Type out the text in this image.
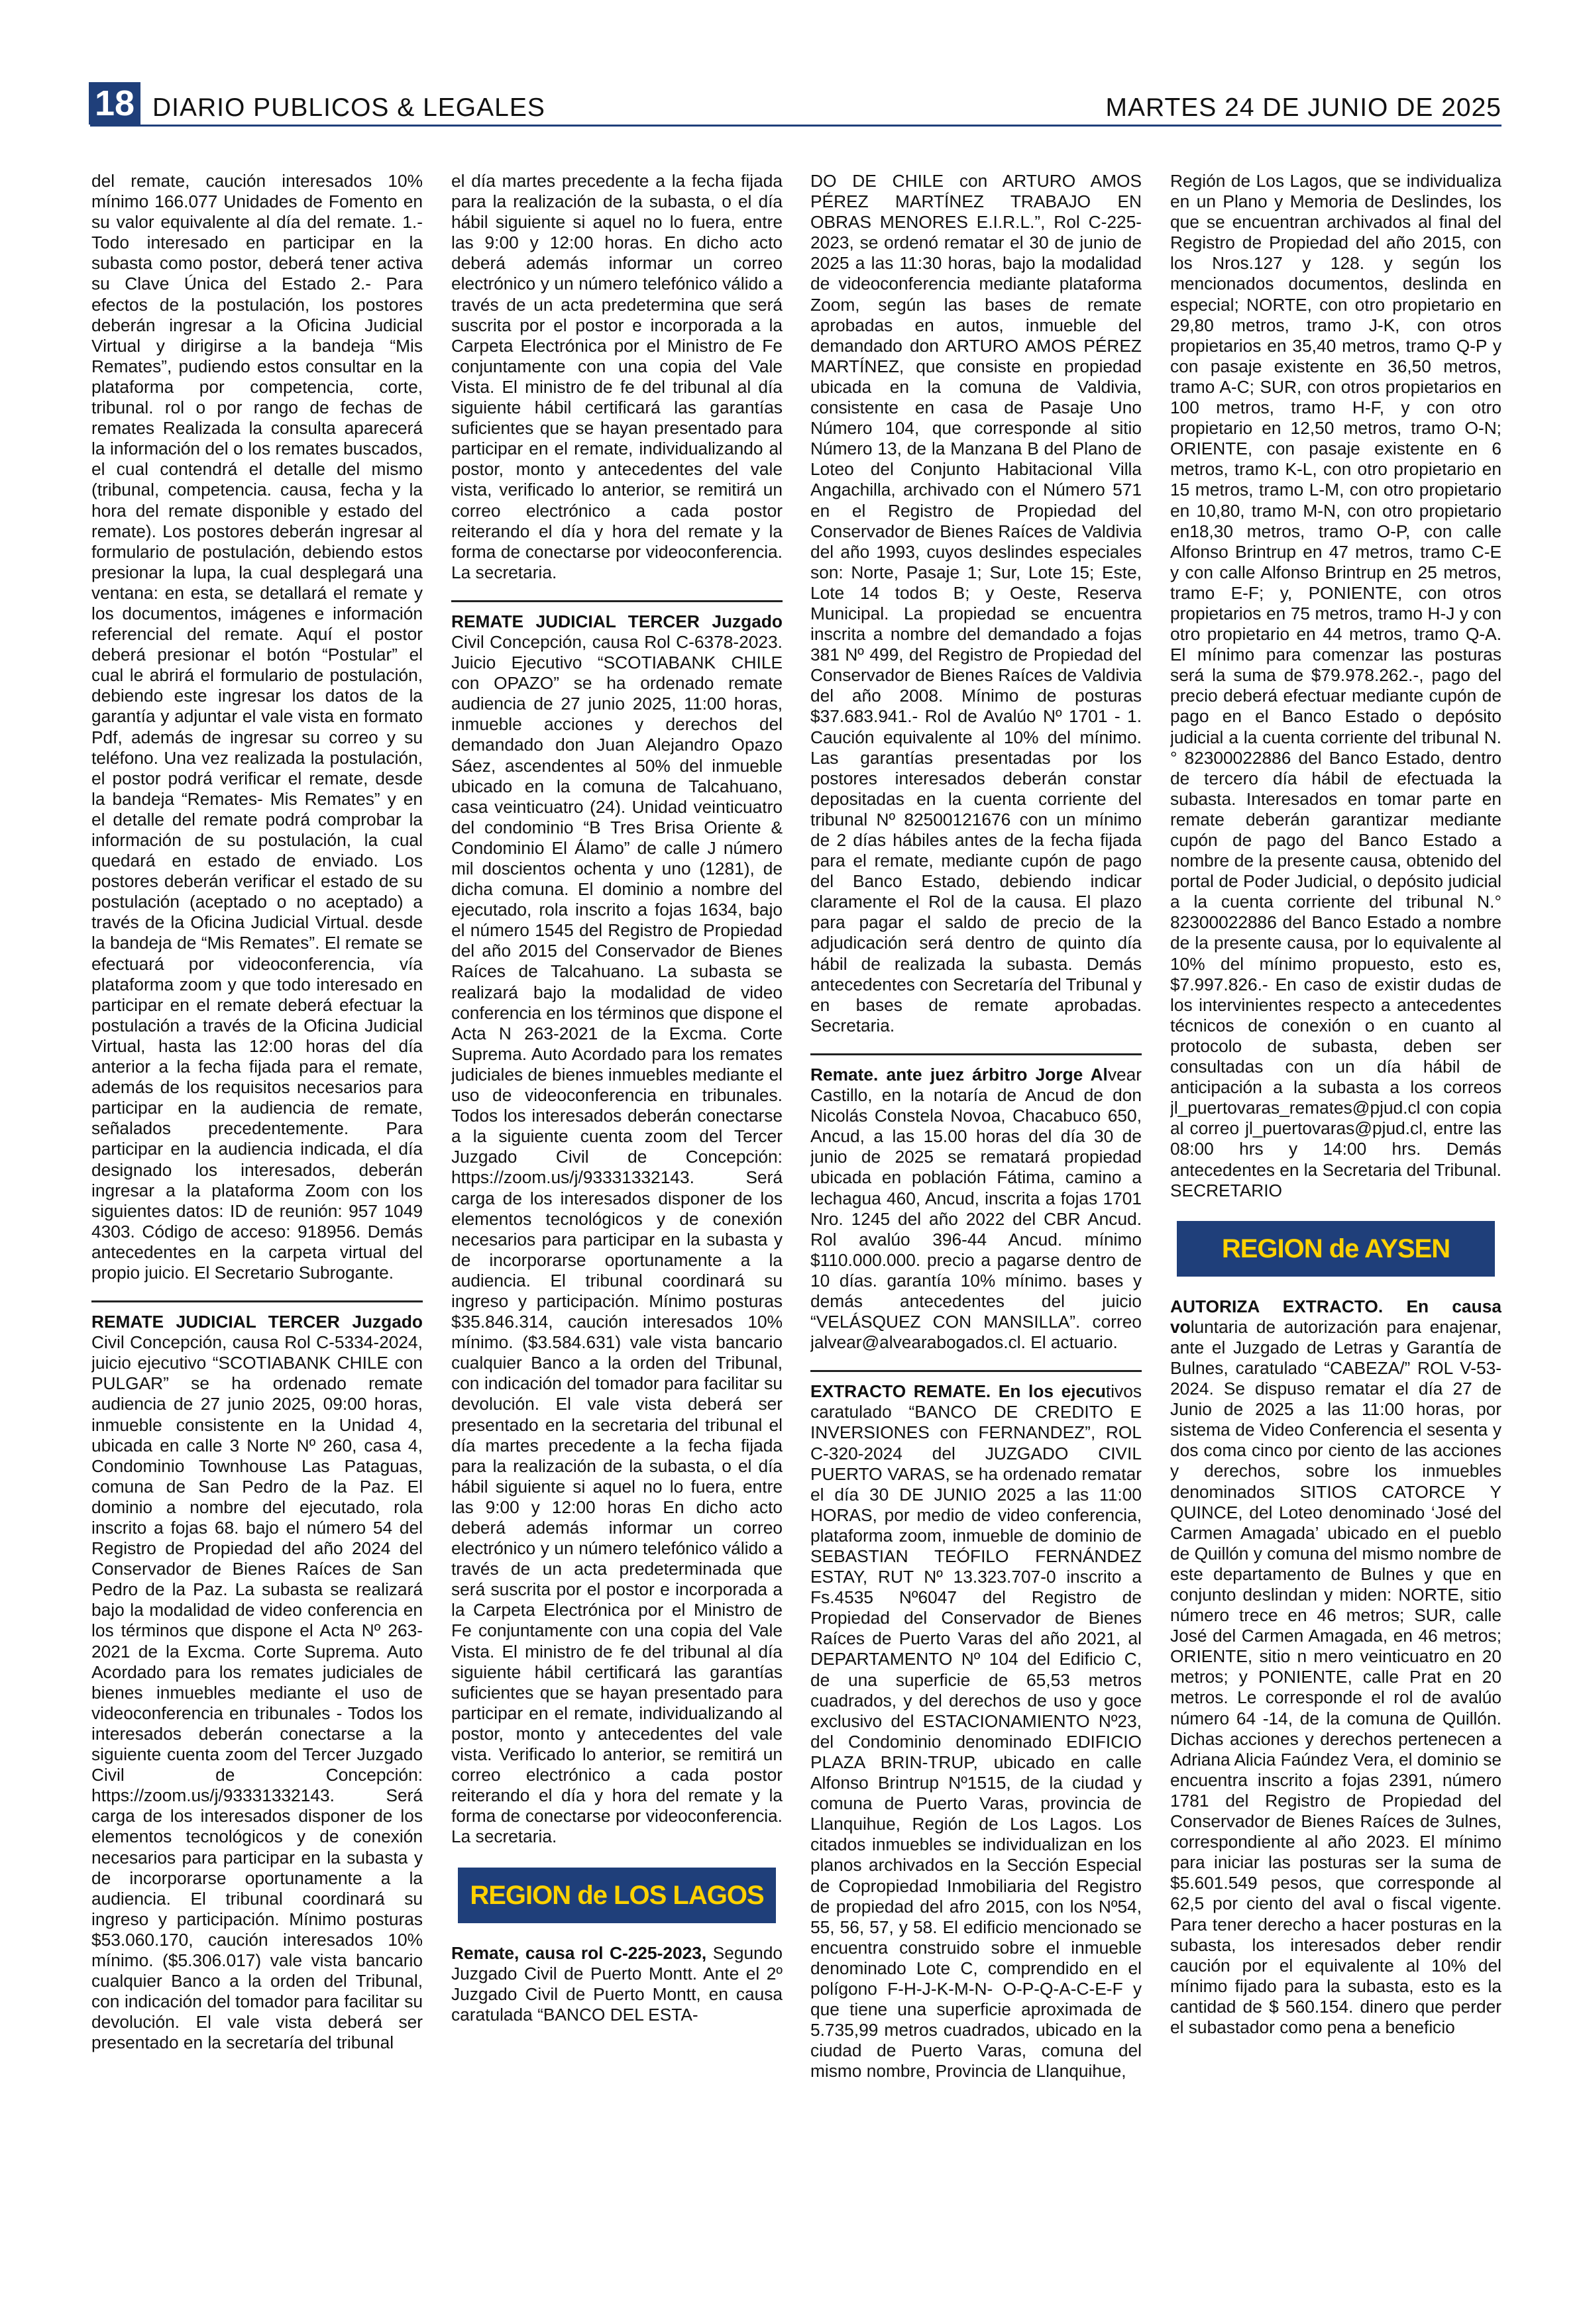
18 DIARIO PUBLICOS & LEGALES	MARTES 24 DE JUNIO DE 2025

del remate, caución interesados 10% mínimo 166.077 Unidades de Fomento en su valor equivalente al día del remate. 1.-Todo interesado en participar en la subasta como postor, deberá tener activa su Clave Única del Estado 2.- Para efectos de la postulación, los postores deberán ingresar a la Oficina Judicial Virtual y dirigirse a la bandeja “Mis Remates”, pudiendo estos consultar en la plataforma por competencia, corte, tribunal. rol o por rango de fechas de remates Realizada la consulta aparecerá la información del o los remates buscados, el cual contendrá el detalle del mismo (tribunal, competencia. causa, fecha y la hora del remate disponible y estado del remate). Los postores deberán ingresar al formulario de postulación, debiendo estos presionar la lupa, la cual desplegará una ventana: en esta, se detallará el remate y los documentos, imágenes e información referencial del remate. Aquí el postor deberá presionar el botón “Postular” el cual le abrirá el formulario de postulación, debiendo este ingresar los datos de la garantía y adjuntar el vale vista en formato Pdf, además de ingresar su correo y su teléfono. Una vez realizada la postulación, el postor podrá verificar el remate, desde la bandeja “Remates- Mis Remates” y en el detalle del remate podrá comprobar la información de su postulación, la cual quedará en estado de enviado. Los postores deberán verificar el estado de su postulación (aceptado o no aceptado) a través de la Oficina Judicial Virtual. desde la bandeja de “Mis Remates”. El remate se efectuará por videoconferencia, vía plataforma zoom y que todo interesado en participar en el remate deberá efectuar la postulación a través de la Oficina Judicial Virtual, hasta las 12:00 horas del día anterior a la fecha fijada para el remate, además de los requisitos necesarios para participar en la audiencia de remate, señalados precedentemente. Para participar en la audiencia indicada, el día designado los interesados, deberán ingresar a la plataforma Zoom con los siguientes datos: ID de reunión: 957 1049 4303. Código de acceso: 918956. Demás antecedentes en la carpeta virtual del propio juicio. El Secretario Subrogante.

REMATE JUDICIAL TERCER Juzgado Civil Concepción, causa Rol C-5334-2024, juicio ejecutivo “SCOTIABANK CHILE con PULGAR” se ha ordenado remate audiencia de 27 junio 2025, 09:00 horas, inmueble consistente en la Unidad 4, ubicada en calle 3 Norte Nº 260, casa 4, Condominio Townhouse Las Pataguas, comuna de San Pedro de la Paz. El dominio a nombre del ejecutado, rola inscrito a fojas 68. bajo el número 54 del Registro de Propiedad del año 2024 del Conservador de Bienes Raíces de San Pedro de la Paz. La subasta se realizará bajo la modalidad de video conferencia en los términos que dispone el Acta Nº 263-2021 de la Excma. Corte Suprema. Auto Acordado para los remates judiciales de bienes inmuebles mediante el uso de videoconferencia en tribunales - Todos los interesados deberán conectarse a la siguiente cuenta zoom del Tercer Juzgado Civil de Concepción: https://zoom.us/j/93331332143. Será carga de los interesados disponer de los elementos tecnológicos y de conexión necesarios para participar en la subasta y de incorporarse oportunamente a la audiencia. El tribunal coordinará su ingreso y participación. Mínimo posturas $53.060.170, caución interesados 10% mínimo. ($5.306.017) vale vista bancario cualquier Banco a la orden del Tribunal, con indicación del tomador para facilitar su devolución. El vale vista deberá ser presentado en la secretaría del tribunal

el día martes precedente a la fecha fijada para la realización de la subasta, o el día hábil siguiente si aquel no lo fuera, entre las 9:00 y 12:00 horas. En dicho acto deberá además informar un correo electrónico y un número telefónico válido a través de un acta predetermina que será suscrita por el postor e incorporada a la Carpeta Electrónica por el Ministro de Fe conjuntamente con una copia del Vale Vista. El ministro de fe del tribunal al día siguiente hábil certificará las garantías suficientes que se hayan presentado para participar en el remate, individualizando al postor, monto y antecedentes del vale vista, verificado lo anterior, se remitirá un correo electrónico a cada postor reiterando el día y hora del remate y la forma de conectarse por videoconferencia. La secretaria.

REMATE JUDICIAL TERCER Juzgado Civil Concepción, causa Rol C-6378-2023. Juicio Ejecutivo “SCOTIABANK CHILE con OPAZO” se ha ordenado remate audiencia de 27 junio 2025, 11:00 horas, inmueble acciones y derechos del demandado don Juan Alejandro Opazo Sáez, ascendentes al 50% del inmueble ubicado en la comuna de Talcahuano, casa veinticuatro (24). Unidad veinticuatro del condominio “B Tres Brisa Oriente & Condominio El Álamo” de calle J número mil doscientos ochenta y uno (1281), de dicha comuna. El dominio a nombre del ejecutado, rola inscrito a fojas 1634, bajo el número 1545 del Registro de Propiedad del año 2015 del Conservador de Bienes Raíces de Talcahuano. La subasta se realizará bajo la modalidad de video conferencia en los términos que dispone el Acta N 263-2021 de la Excma. Corte Suprema. Auto Acordado para los remates judiciales de bienes inmuebles mediante el uso de videoconferencia en tribunales. Todos los interesados deberán conectarse a la siguiente cuenta zoom del Tercer Juzgado Civil de Concepción: https://zoom.us/j/93331332143. Será carga de los interesados disponer de los elementos tecnológicos y de conexión necesarios para participar en la subasta y de incorporarse oportunamente a la audiencia. El tribunal coordinará su ingreso y participación. Mínimo posturas $35.846.314, caución interesados 10% mínimo. ($3.584.631) vale vista bancario cualquier Banco a la orden del Tribunal, con indicación del tomador para facilitar su devolución. El vale vista deberá ser presentado en la secretaria del tribunal el día martes precedente a la fecha fijada para la realización de la subasta, o el día hábil siguiente si aquel no lo fuera, entre las 9:00 y 12:00 horas En dicho acto deberá además informar un correo electrónico y un número telefónico válido a través de un acta predeterminada que será suscrita por el postor e incorporada a la Carpeta Electrónica por el Ministro de Fe conjuntamente con una copia del Vale Vista. El ministro de fe del tribunal al día siguiente hábil certificará las garantías suficientes que se hayan presentado para participar en el remate, individualizando al postor, monto y antecedentes del vale vista. Verificado lo anterior, se remitirá un correo electrónico a cada postor reiterando el día y hora del remate y la forma de conectarse por videoconferencia. La secretaria.

REGION de LOS LAGOS

Remate, causa rol C-225-2023, Segundo Juzgado Civil de Puerto Montt. Ante el 2º Juzgado Civil de Puerto Montt, en causa caratulada “BANCO DEL ESTA-

DO DE CHILE con ARTURO AMOS PÉREZ MARTÍNEZ TRABAJO EN OBRAS MENORES E.I.R.L.”, Rol C-225-2023, se ordenó rematar el 30 de junio de 2025 a las 11:30 horas, bajo la modalidad de videoconferencia mediante plataforma Zoom, según las bases de remate aprobadas en autos, inmueble del demandado don ARTURO AMOS PÉREZ MARTÍNEZ, que consiste en propiedad ubicada en la comuna de Valdivia, consistente en casa de Pasaje Uno Número 104, que corresponde al sitio Número 13, de la Manzana B del Plano de Loteo del Conjunto Habitacional Villa Angachilla, archivado con el Número 571 en el Registro de Propiedad del Conservador de Bienes Raíces de Valdivia del año 1993, cuyos deslindes especiales son: Norte, Pasaje 1; Sur, Lote 15; Este, Lote 14 todos B; y Oeste, Reserva Municipal. La propiedad se encuentra inscrita a nombre del demandado a fojas 381 Nº 499, del Registro de Propiedad del Conservador de Bienes Raíces de Valdivia del año 2008. Mínimo de posturas $37.683.941.- Rol de Avalúo Nº 1701 - 1. Caución equivalente al 10% del mínimo. Las garantías presentadas por los postores interesados deberán constar depositadas en la cuenta corriente del tribunal Nº 82500121676 con un mínimo de 2 días hábiles antes de la fecha fijada para el remate, mediante cupón de pago del Banco Estado, debiendo indicar claramente el Rol de la causa. El plazo para pagar el saldo de precio de la adjudicación será dentro de quinto día hábil de realizada la subasta. Demás antecedentes con Secretaría del Tribunal y en bases de remate aprobadas. Secretaria.

Remate. ante juez árbitro Jorge Alvear Castillo, en la notaría de Ancud de don Nicolás Constela Novoa, Chacabuco 650, Ancud, a las 15.00 horas del día 30 de junio de 2025 se rematará propiedad ubicada en población Fátima, camino a lechagua 460, Ancud, inscrita a fojas 1701 Nro. 1245 del año 2022 del CBR Ancud. Rol avalúo 396-44 Ancud. mínimo $110.000.000. precio a pagarse dentro de 10 días. garantía 10% mínimo. bases y demás antecedentes del juicio “VELÁSQUEZ CON MANSILLA”. correo jalvear@alvearabogados.cl. El actuario.

EXTRACTO REMATE. En los ejecutivos caratulado “BANCO DE CREDITO E INVERSIONES con FERNANDEZ”, ROL C-320-2024 del JUZGADO CIVIL PUERTO VARAS, se ha ordenado rematar el día 30 DE JUNIO 2025 a las 11:00 HORAS, por medio de video conferencia, plataforma zoom, inmueble de dominio de SEBASTIAN TEÓFILO FERNÁNDEZ ESTAY, RUT Nº 13.323.707-0 inscrito a Fs.4535 Nº6047 del Registro de Propiedad del Conservador de Bienes Raíces de Puerto Varas del año 2021, al DEPARTAMENTO Nº 104 del Edificio C, de una superficie de 65,53 metros cuadrados, y del derechos de uso y goce exclusivo del ESTACIONAMIENTO Nº23, del Condominio denominado EDIFICIO PLAZA BRIN-TRUP, ubicado en calle Alfonso Brintrup Nº1515, de la ciudad y comuna de Puerto Varas, provincia de Llanquihue, Región de Los Lagos. Los citados inmuebles se individualizan en los planos archivados en la Sección Especial de Copropiedad Inmobiliaria del Registro de propiedad del afro 2015, con los Nº54, 55, 56, 57, y 58. El edificio mencionado se encuentra construido sobre el inmueble denominado Lote C, comprendido en el polígono F-H-J-K-M-N- O-P-Q-A-C-E-F y que tiene una superficie aproximada de 5.735,99 metros cuadrados, ubicado en la ciudad de Puerto Varas, comuna del mismo nombre, Provincia de Llanquihue,

Región de Los Lagos, que se individualiza en un Plano y Memoria de Deslindes, los que se encuentran archivados al final del Registro de Propiedad del año 2015, con los Nros.127 y 128. y según los mencionados documentos, deslinda en especial; NORTE, con otro propietario en 29,80 metros, tramo J-K, con otros propietarios en 35,40 metros, tramo Q-P y con pasaje existente en 36,50 metros, tramo A-C; SUR, con otros propietarios en 100 metros, tramo H-F, y con otro propietario en 12,50 metros, tramo O-N; ORIENTE, con pasaje existente en 6 metros, tramo K-L, con otro propietario en 15 metros, tramo L-M, con otro propietario en 10,80, tramo M-N, con otro propietario en18,30 metros, tramo O-P, con calle Alfonso Brintrup en 47 metros, tramo C-E y con calle Alfonso Brintrup en 25 metros, tramo E-F; y, PONIENTE, con otros propietarios en 75 metros, tramo H-J y con otro propietario en 44 metros, tramo Q-A. El mínimo para comenzar las posturas será la suma de $79.978.262.-, pago del precio deberá efectuar mediante cupón de pago en el Banco Estado o depósito judicial a la cuenta corriente del tribunal N.° 82300022886 del Banco Estado, dentro de tercero día hábil de efectuada la subasta. Interesados en tomar parte en remate deberán garantizar mediante cupón de pago del Banco Estado a nombre de la presente causa, obtenido del portal de Poder Judicial, o depósito judicial a la cuenta corriente del tribunal N.° 82300022886 del Banco Estado a nombre de la presente causa, por lo equivalente al 10% del mínimo propuesto, esto es, $7.997.826.- En caso de existir dudas de los intervinientes respecto a antecedentes técnicos de conexión o en cuanto al protocolo de subasta, deben ser consultadas con un día hábil de anticipación a la subasta a los correos jl_puertovaras_remates@pjud.cl con copia al correo jl_puertovaras@pjud.cl, entre las 08:00 hrs y 14:00 hrs. Demás antecedentes en la Secretaria del Tribunal. SECRETARIO

REGION de AYSEN

AUTORIZA EXTRACTO. En causa voluntaria de autorización para enajenar, ante el Juzgado de Letras y Garantía de Bulnes, caratulado “CABEZA/” ROL V-53-2024. Se dispuso rematar el día 27 de Junio de 2025 a las 11:00 horas, por sistema de Video Conferencia el sesenta y dos coma cinco por ciento de las acciones y derechos, sobre los inmuebles denominados SITIOS CATORCE Y QUINCE, del Loteo denominado ‘José del Carmen Amagada’ ubicado en el pueblo de Quillón y comuna del mismo nombre de este departamento de Bulnes y que en conjunto deslindan y miden: NORTE, sitio número trece en 46 metros; SUR, calle José del Carmen Amagada, en 46 metros; ORIENTE, sitio n mero veinticuatro en 20 metros; y PONIENTE, calle Prat en 20 metros. Le corresponde el rol de avalúo número 64 -14, de la comuna de Quillón. Dichas acciones y derechos pertenecen a Adriana Alicia Faúndez Vera, el dominio se encuentra inscrito a fojas 2391, número 1781 del Registro de Propiedad del Conservador de Bienes Raíces de 3ulnes, correspondiente al año 2023. El mínimo para iniciar las posturas ser la suma de $5.601.549 pesos, que corresponde al 62,5 por ciento del aval o fiscal vigente. Para tener derecho a hacer posturas en la subasta, los interesados deber rendir caución por el equivalente al 10% del mínimo fijado para la subasta, esto es la cantidad de $ 560.154. dinero que perder el subastador como pena a beneficio
